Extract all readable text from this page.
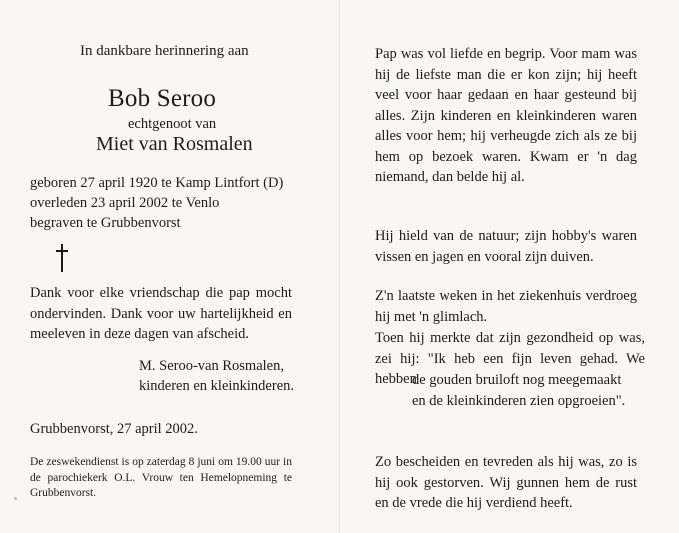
In dankbare herinnering aan
Bob Seroo
echtgenoot van
Miet van Rosmalen
geboren 27 april 1920 te Kamp Lintfort (D)
overleden 23 april 2002 te Venlo
begraven te Grubbenvorst
Dank voor elke vriendschap die pap mocht ondervinden. Dank voor uw hartelijkheid en meeleven in deze dagen van afscheid.
M. Seroo-van Rosmalen,
kinderen en kleinkinderen.
Grubbenvorst, 27 april 2002.
De zeswekendienst is op zaterdag 8 juni om 19.00 uur in de parochiekerk O.L. Vrouw ten Hemelopneming te Grubbenvorst.
Pap was vol liefde en begrip. Voor mam was hij de liefste man die er kon zijn; hij heeft veel voor haar gedaan en haar gesteund bij alles. Zijn kinderen en kleinkinderen waren alles voor hem; hij verheugde zich als ze bij hem op bezoek waren. Kwam er 'n dag niemand, dan belde hij al.
Hij hield van de natuur; zijn hobby's waren vissen en jagen en vooral zijn duiven.
Z'n laatste weken in het ziekenhuis verdroeg hij met 'n glimlach.
Toen hij merkte dat zijn gezondheid op was, zei hij: "Ik heb een fijn leven gehad. We hebben
de gouden bruiloft nog meegemaakt
en de kleinkinderen zien opgroeien".
Zo bescheiden en tevreden als hij was, zo is hij ook gestorven. Wij gunnen hem de rust en de vrede die hij verdiend heeft.
